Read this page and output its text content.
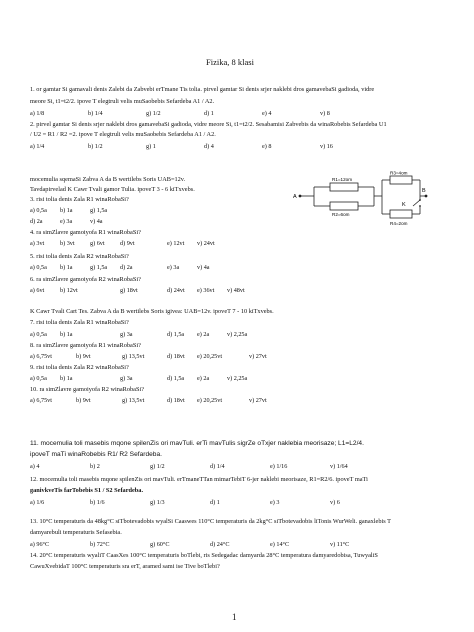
Fizika, 8 klasi
1. or gamtar Si gamavali denis Zalebi da Zabvebi erTmane Tis tolia. pirvel gamtar Si denis srjer naklebi dros gamavebaSi gadioda, vidre
meore Si, t1=t2/2. ipove T elegtruli velis muSaobebis Sefardeba A1 / A2.
a) 1/8	b) 1/4	g) 1/2	d) 1	e) 4	v) 8
2. pirvel gamtar Si denis srjer naklebi dros gamavebaSi gadioda, vidre meore Si, t1=t2/2. Sesabamisi Zabvebis da winaRobebis Sefardeba U1
/ U2 = R1 / R2 =2. ipove T elegtruli velis muSaobebis Sefardeba A1 / A2.
a) 1/4	b) 1/2	g) 1	d) 4	e) 8	v) 16
mocemulia sqemaSi Zabva A da B wertilebs Soris UAB=12v.
Tavdapirvelad K Cawr Tvali gamor Tulia. ipoveT 3 - 6 kiTxvebs.
A
B
K
R1=12om
R2=6om
R3=4om
R4=2om
3. risi tolia denis Zala R1 winaRobaSi?
a) 0,5a b) 1a	g) 1,5a
d) 2a	e) 3a	v) 4a
4. ra simZlavre gamoiyofa R1 winaRobaSi?
a) 3vt	b) 3vt g) 6vt d) 9vt	e) 12vt v) 24vt
5. risi tolia denis Zala R2 winaRobaSi?
a) 0,5a b) 1a	g) 1,5a d) 2a	e) 3a	v) 4a
6. ra simZlavre gamoiyofa R2 winaRobaSi?
a) 6vt	b) 12vt	g) 18vt	d) 24vt e) 36vt v) 48vt
K Cawr Tvali Cart Tes. Zabva A da B wertilebs Soris igivea: UAB=12v. ipoveT 7 - 10 kiTxvebs.
7. risi tolia denis Zala R1 winaRobaSi?
a) 0,5a b) 1a	g) 3a	d) 1,5a e) 2a	v) 2,25a
8. ra simZlavre gamoiyofa R1 winaRobaSi?
a) 6,75vt	b) 9vt	g) 13,5vt	d) 18vt e) 20,25vt	v) 27vt
9. risi tolia denis Zala R2 winaRobaSi?
a) 0,5a b) 1a	g) 3a	d) 1,5a e) 2a	v) 2,25a
10. ra simZlavre gamoiyofa R2 winaRobaSi?
a) 6,75vt	b) 9vt	g) 13,5vt	d) 18vt e) 20,25vt	v) 27vt
11. mocemulia toli masebis mqone spilenZis ori mavTuli. erTi mavTulis sigrZe oTxjer naklebia meorisaze; L1=L2/4.
ipoveT maTi winaRobebis R1/ R2 Sefardeba.
a) 4	b) 2	g) 1/2	d) 1/4	e) 1/16	v) 1/64
12. mocemulia toli masebis mqone spilenZis ori mavTuli. erTmaneTTan mimarTebiT 6-jer naklebi meorisaze, R1=R2/6. ipoveT maTi
ganivkveTis farTobebis S1 / S2 Sefardeba.
a) 1/6	b) 1/6	g) 1/3	d) 1	e) 3	v) 6
13. 10°C temperaturis da 48kg°C siTbotevadobis wyalSi Caaswes 110°C temperaturis da 2kg°C siTbotevadobis liTonis WurWeli. ganaxlebis T
damyarebuli temperaturis Sefasebia.
a) 96°C	b) 72°C	g) 60°C	d) 24°C	e) 14°C	v) 11°C
14. 20°C temperaturis wyaliT CaasXes 100°C temperaturis boTlebi, ris Sedegadac damyarda 28°C temperatura damyaredobisa, TuwyaliS
CawuXvebidaT 100°C temperaturis sra erT, aramed sami ise Tive boTlebi?
1
